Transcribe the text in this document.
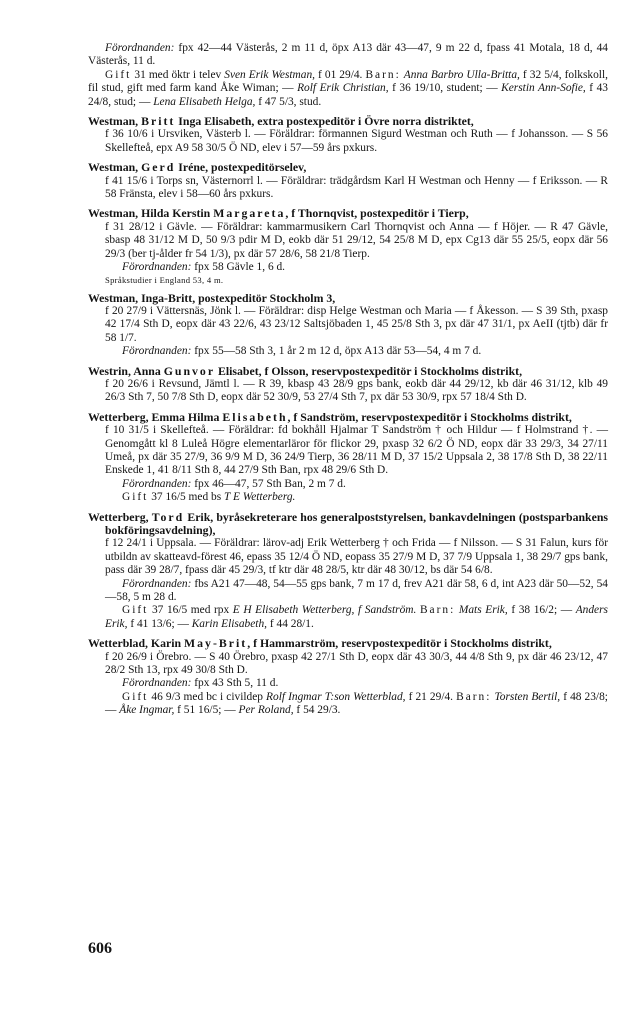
Förordnanden: fpx 42—44 Västerås, 2 m 11 d, öpx A13 där 43—47, 9 m 22 d, fpass 41 Motala, 18 d, 44 Västerås, 11 d.

Gift 31 med öktr i telev Sven Erik Westman, f 01 29/4. Barn: Anna Barbro Ulla-Britta, f 32 5/4, folkskoll, fil stud, gift med farm kand Åke Wiman; — Rolf Erik Christian, f 36 19/10, student; — Kerstin Ann-Sofie, f 43 24/8, stud; — Lena Elisabeth Helga, f 47 5/3, stud.

Westman, Britt Inga Elisabeth, extra postexpeditör i Övre norra distriktet,

f 36 10/6 i Ursviken, Västerb l. — Föräldrar: förmannen Sigurd Westman och Ruth — f Johansson. — S 56 Skellefteå, epx A9 58 30/5 Ö ND, elev i 57—59 års pxkurs.

Westman, Gerd Iréne, postexpeditörselev,

f 41 15/6 i Torps sn, Västernorrl l. — Föräldrar: trädgårdsm Karl H Westman och Henny — f Eriksson. — R 58 Fränsta, elev i 58—60 års pxkurs.

Westman, Hilda Kerstin Margareta, f Thornqvist, postexpeditör i Tierp,

f 31 28/12 i Gävle. — Föräldrar: kammarmusikern Carl Thornqvist och Anna — f Höjer. — R 47 Gävle, sbasp 48 31/12 M D, 50 9/3 pdir M D, eokb där 51 29/12, 54 25/8 M D, epx Cg13 där 55 25/5, eopx där 56 29/3 (ber tj-ålder fr 54 1/3), px där 57 28/6, 58 21/8 Tierp.

Förordnanden: fpx 58 Gävle 1, 6 d.

Språkstudier i England 53, 4 m.

Westman, Inga-Britt, postexpeditör Stockholm 3,

f 20 27/9 i Vättersnäs, Jönk l. — Föräldrar: disp Helge Westman och Maria — f Åkesson. — S 39 Sth, pxasp 42 17/4 Sth D, eopx där 43 22/6, 43 23/12 Saltsjöbaden 1, 45 25/8 Sth 3, px där 47 31/1, px AeII (tjtb) där fr 58 1/7.

Förordnanden: fpx 55—58 Sth 3, 1 år 2 m 12 d, öpx A13 där 53—54, 4 m 7 d.

Westrin, Anna Gunvor Elisabet, f Olsson, reservpostexpeditör i Stockholms distrikt,

f 20 26/6 i Revsund, Jämtl l. — R 39, kbasp 43 28/9 gps bank, eokb där 44 29/12, kb där 46 31/12, klb 49 26/3 Sth 7, 50 7/8 Sth D, eopx där 52 30/9, 53 27/4 Sth 7, px där 53 30/9, rpx 57 18/4 Sth D.

Wetterberg, Emma Hilma Elisabeth, f Sandström, reservpostexpeditör i Stockholms distrikt,

f 10 31/5 i Skellefteå. — Föräldrar: fd bokhåll Hjalmar T Sandström † och Hildur — f Holmstrand †. — Genomgått kl 8 Luleå Högre elementarläror för flickor 29, pxasp 32 6/2 Ö ND, eopx där 33 29/3, 34 27/11 Umeå, px där 35 27/9, 36 9/9 M D, 36 24/9 Tierp, 36 28/11 M D, 37 15/2 Uppsala 2, 38 17/8 Sth D, 38 22/11 Enskede 1, 41 8/11 Sth 8, 44 27/9 Sth Ban, rpx 48 29/6 Sth D.

Förordnanden: fpx 46—47, 57 Sth Ban, 2 m 7 d.

Gift 37 16/5 med bs T E Wetterberg.

Wetterberg, Tord Erik, byråsekreterare hos generalpoststyrelsen, bankavdelningen (postsparbankens bokföringsavdelning),

f 12 24/1 i Uppsala. — Föräldrar: lärov-adj Erik Wetterberg † och Frida — f Nilsson. — S 31 Falun, kurs för utbildn av skatteavd-förest 46, epass 35 12/4 Ö ND, eopass 35 27/9 M D, 37 7/9 Uppsala 1, 38 29/7 gps bank, pass där 39 28/7, fpass där 45 29/3, tf ktr där 48 28/5, ktr där 48 30/12, bs där 54 6/8.

Förordnanden: fbs A21 47—48, 54—55 gps bank, 7 m 17 d, frev A21 där 58, 6 d, int A23 där 50—52, 54—58, 5 m 28 d.

Gift 37 16/5 med rpx E H Elisabeth Wetterberg, f Sandström. Barn: Mats Erik, f 38 16/2; — Anders Erik, f 41 13/6; — Karin Elisabeth, f 44 28/1.

Wetterblad, Karin May-Brit, f Hammarström, reservpostexpeditör i Stockholms distrikt,

f 20 26/9 i Örebro. — S 40 Örebro, pxasp 42 27/1 Sth D, eopx där 43 30/3, 44 4/8 Sth 9, px där 46 23/12, 47 28/2 Sth 13, rpx 49 30/8 Sth D.

Förordnanden: fpx 43 Sth 5, 11 d.

Gift 46 9/3 med bc i civildep Rolf Ingmar T:son Wetterblad, f 21 29/4. Barn: Torsten Bertil, f 48 23/8; — Åke Ingmar, f 51 16/5; — Per Roland, f 54 29/3.

606
